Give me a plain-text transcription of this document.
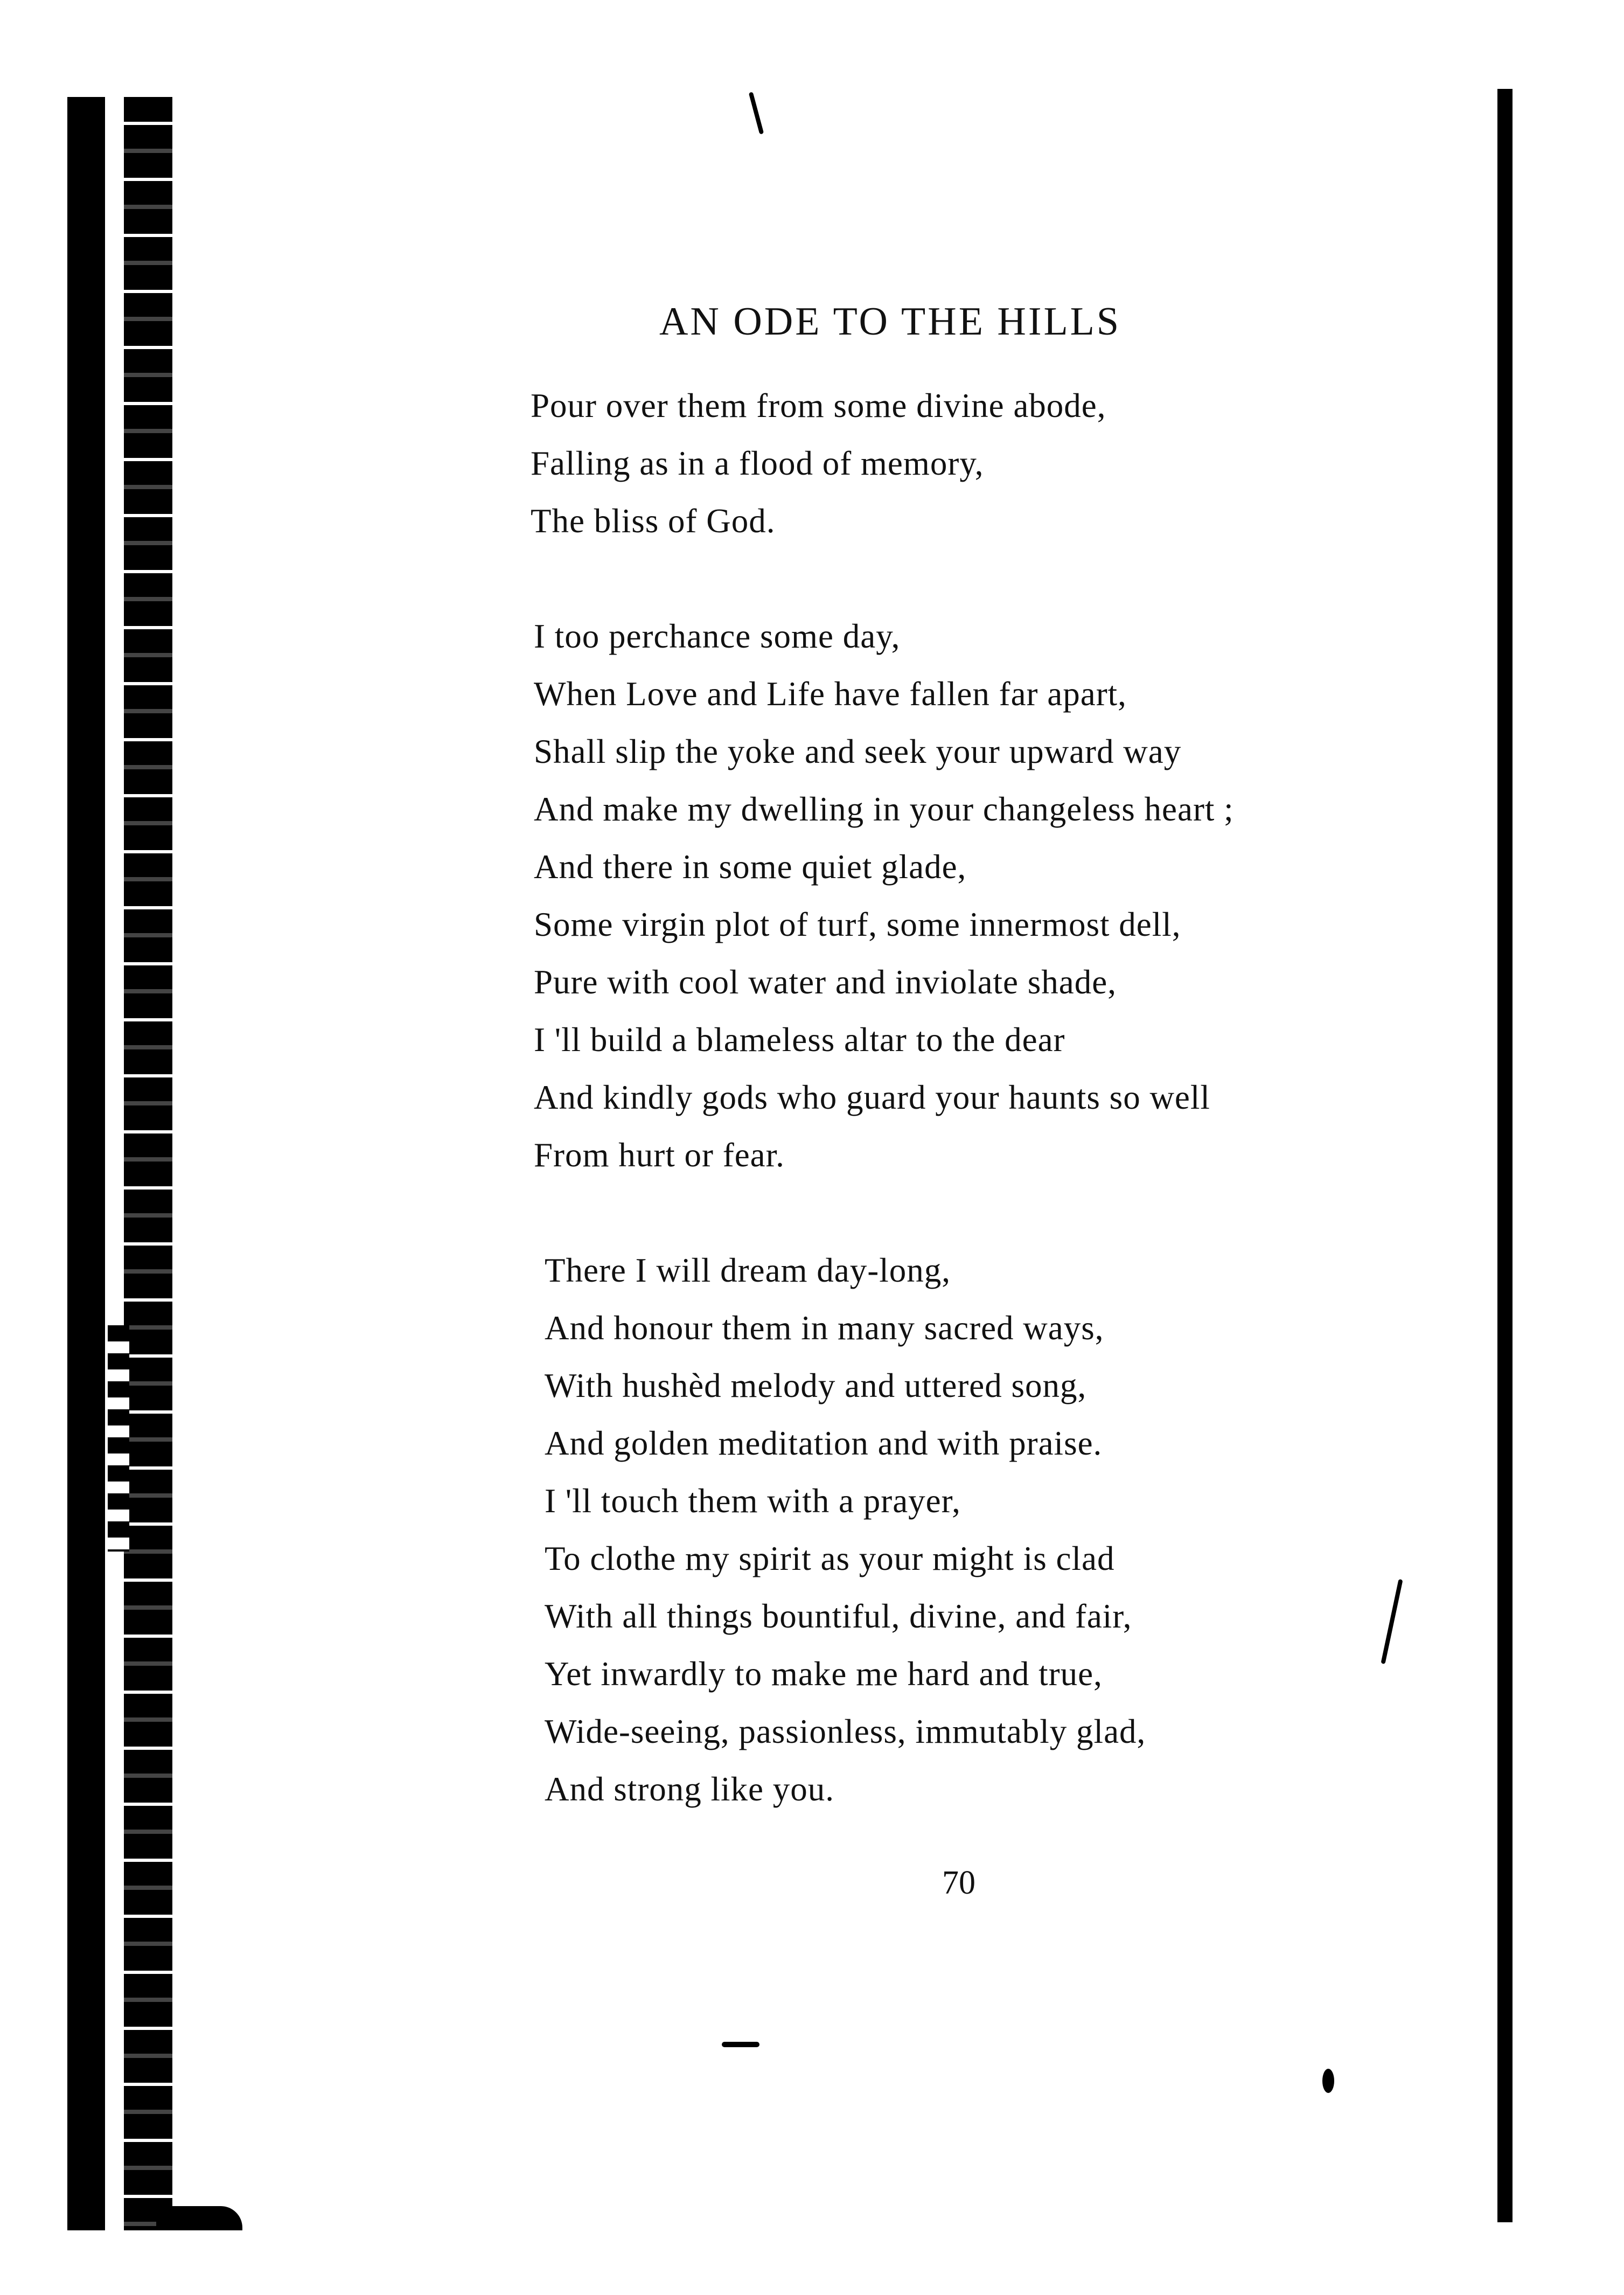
AN ODE TO THE HILLS
Pour over them from some divine abode,
Falling as in a flood of memory,
The bliss of God.
I too perchance some day,
When Love and Life have fallen far apart,
Shall slip the yoke and seek your upward way
And make my dwelling in your changeless heart ;
And there in some quiet glade,
Some virgin plot of turf, some innermost dell,
Pure with cool water and inviolate shade,
I 'll build a blameless altar to the dear
And kindly gods who guard your haunts so well
From hurt or fear.
There I will dream day-long,
And honour them in many sacred ways,
With hushèd melody and uttered song,
And golden meditation and with praise.
I 'll touch them with a prayer,
To clothe my spirit as your might is clad
With all things bountiful, divine, and fair,
Yet inwardly to make me hard and true,
Wide-seeing, passionless, immutably glad,
And strong like you.
70
